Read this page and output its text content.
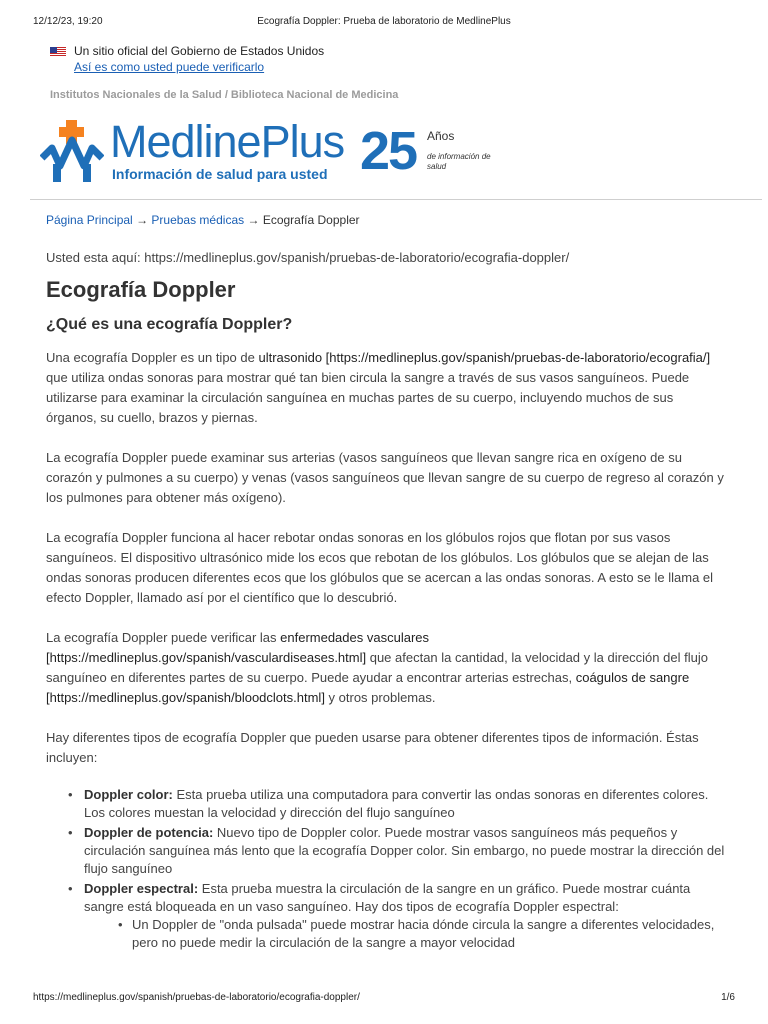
12/12/23, 19:20	Ecografía Doppler: Prueba de laboratorio de MedlinePlus
Un sitio oficial del Gobierno de Estados Unidos
Así es como usted puede verificarlo
Institutos Nacionales de la Salud / Biblioteca Nacional de Medicina
MedlinePlus
Información de salud para usted 25 Años
de información de salud
Página Principal → Pruebas médicas → Ecografía Doppler
Usted esta aquí: https://medlineplus.gov/spanish/pruebas-de-laboratorio/ecografia-doppler/
Ecografía Doppler
¿Qué es una ecografía Doppler?

Una ecografía Doppler es un tipo de ultrasonido [https://medlineplus.gov/spanish/pruebas-de-laboratorio/ecografia/] que utiliza ondas sonoras para mostrar qué tan bien circula la sangre a través de sus vasos sanguíneos. Puede utilizarse para examinar la circulación sanguínea en muchas partes de su cuerpo, incluyendo muchos de sus órganos, su cuello, brazos y piernas.

La ecografía Doppler puede examinar sus arterias (vasos sanguíneos que llevan sangre rica en oxígeno de su corazón y pulmones a su cuerpo) y venas (vasos sanguíneos que llevan sangre de su cuerpo de regreso al corazón y los pulmones para obtener más oxígeno).

La ecografía Doppler funciona al hacer rebotar ondas sonoras en los glóbulos rojos que flotan por sus vasos sanguíneos. El dispositivo ultrasónico mide los ecos que rebotan de los glóbulos. Los glóbulos que se alejan de las ondas sonoras producen diferentes ecos que los glóbulos que se acercan a las ondas sonoras. A esto se le llama el efecto Doppler, llamado así por el científico que lo descubrió.

La ecografía Doppler puede verificar las enfermedades vasculares [https://medlineplus.gov/spanish/vasculardiseases.html] que afectan la cantidad, la velocidad y la dirección del flujo sanguíneo en diferentes partes de su cuerpo. Puede ayudar a encontrar arterias estrechas, coágulos de sangre [https://medlineplus.gov/spanish/bloodclots.html] y otros problemas.

Hay diferentes tipos de ecografía Doppler que pueden usarse para obtener diferentes tipos de información. Éstas incluyen:

• Doppler color: Esta prueba utiliza una computadora para convertir las ondas sonoras en diferentes colores. Los colores muestan la velocidad y dirección del flujo sanguíneo
• Doppler de potencia: Nuevo tipo de Doppler color. Puede mostrar vasos sanguíneos más pequeños y circulación sanguínea más lento que la ecografía Dopper color. Sin embargo, no puede mostrar la dirección del flujo sanguíneo
• Doppler espectral: Esta prueba muestra la circulación de la sangre en un gráfico. Puede mostrar cuánta sangre está bloqueada en un vaso sanguíneo. Hay dos tipos de ecografía Doppler espectral:
• Un Doppler de "onda pulsada" puede mostrar hacia dónde circula la sangre a diferentes velocidades, pero no puede medir la circulación de la sangre a mayor velocidad
https://medlineplus.gov/spanish/pruebas-de-laboratorio/ecografia-doppler/	1/6
